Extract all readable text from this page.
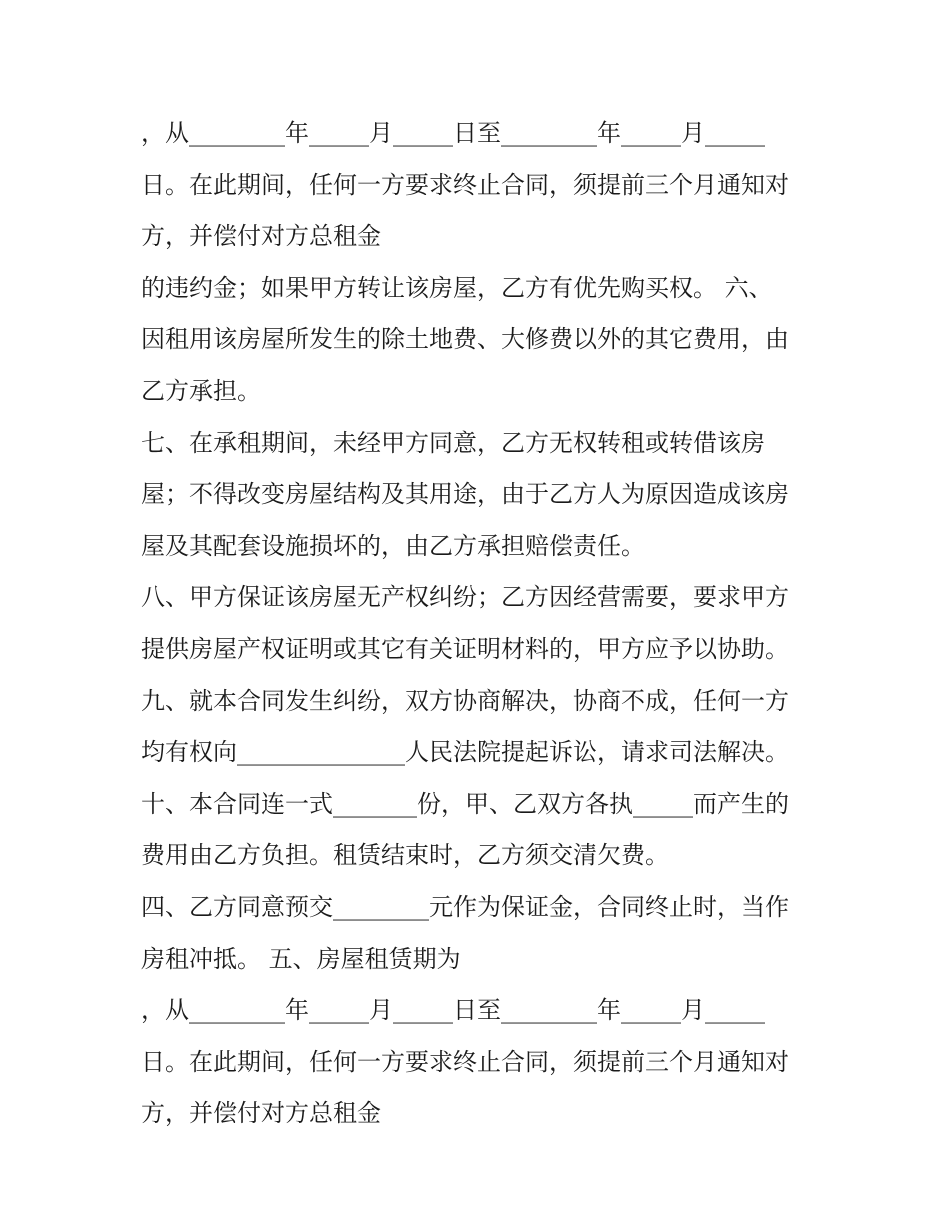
，从________年_____月_____日至________年_____月_____
日。在此期间，任何一方要求终止合同，须提前三个月通知对
方，并偿付对方总租金
的违约金；如果甲方转让该房屋，乙方有优先购买权。 六、
因租用该房屋所发生的除土地费、大修费以外的其它费用，由
乙方承担。
七、在承租期间，未经甲方同意，乙方无权转租或转借该房
屋；不得改变房屋结构及其用途，由于乙方人为原因造成该房
屋及其配套设施损坏的，由乙方承担赔偿责任。
八、甲方保证该房屋无产权纠纷；乙方因经营需要，要求甲方
提供房屋产权证明或其它有关证明材料的，甲方应予以协助。
九、就本合同发生纠纷，双方协商解决，协商不成，任何一方
均有权向______________人民法院提起诉讼，请求司法解决。
十、本合同连一式_______份，甲、乙双方各执_____而产生的
费用由乙方负担。租赁结束时，乙方须交清欠费。
四、乙方同意预交________元作为保证金，合同终止时，当作
房租冲抵。 五、房屋租赁期为
，从________年_____月_____日至________年_____月_____
日。在此期间，任何一方要求终止合同，须提前三个月通知对
方，并偿付对方总租金
